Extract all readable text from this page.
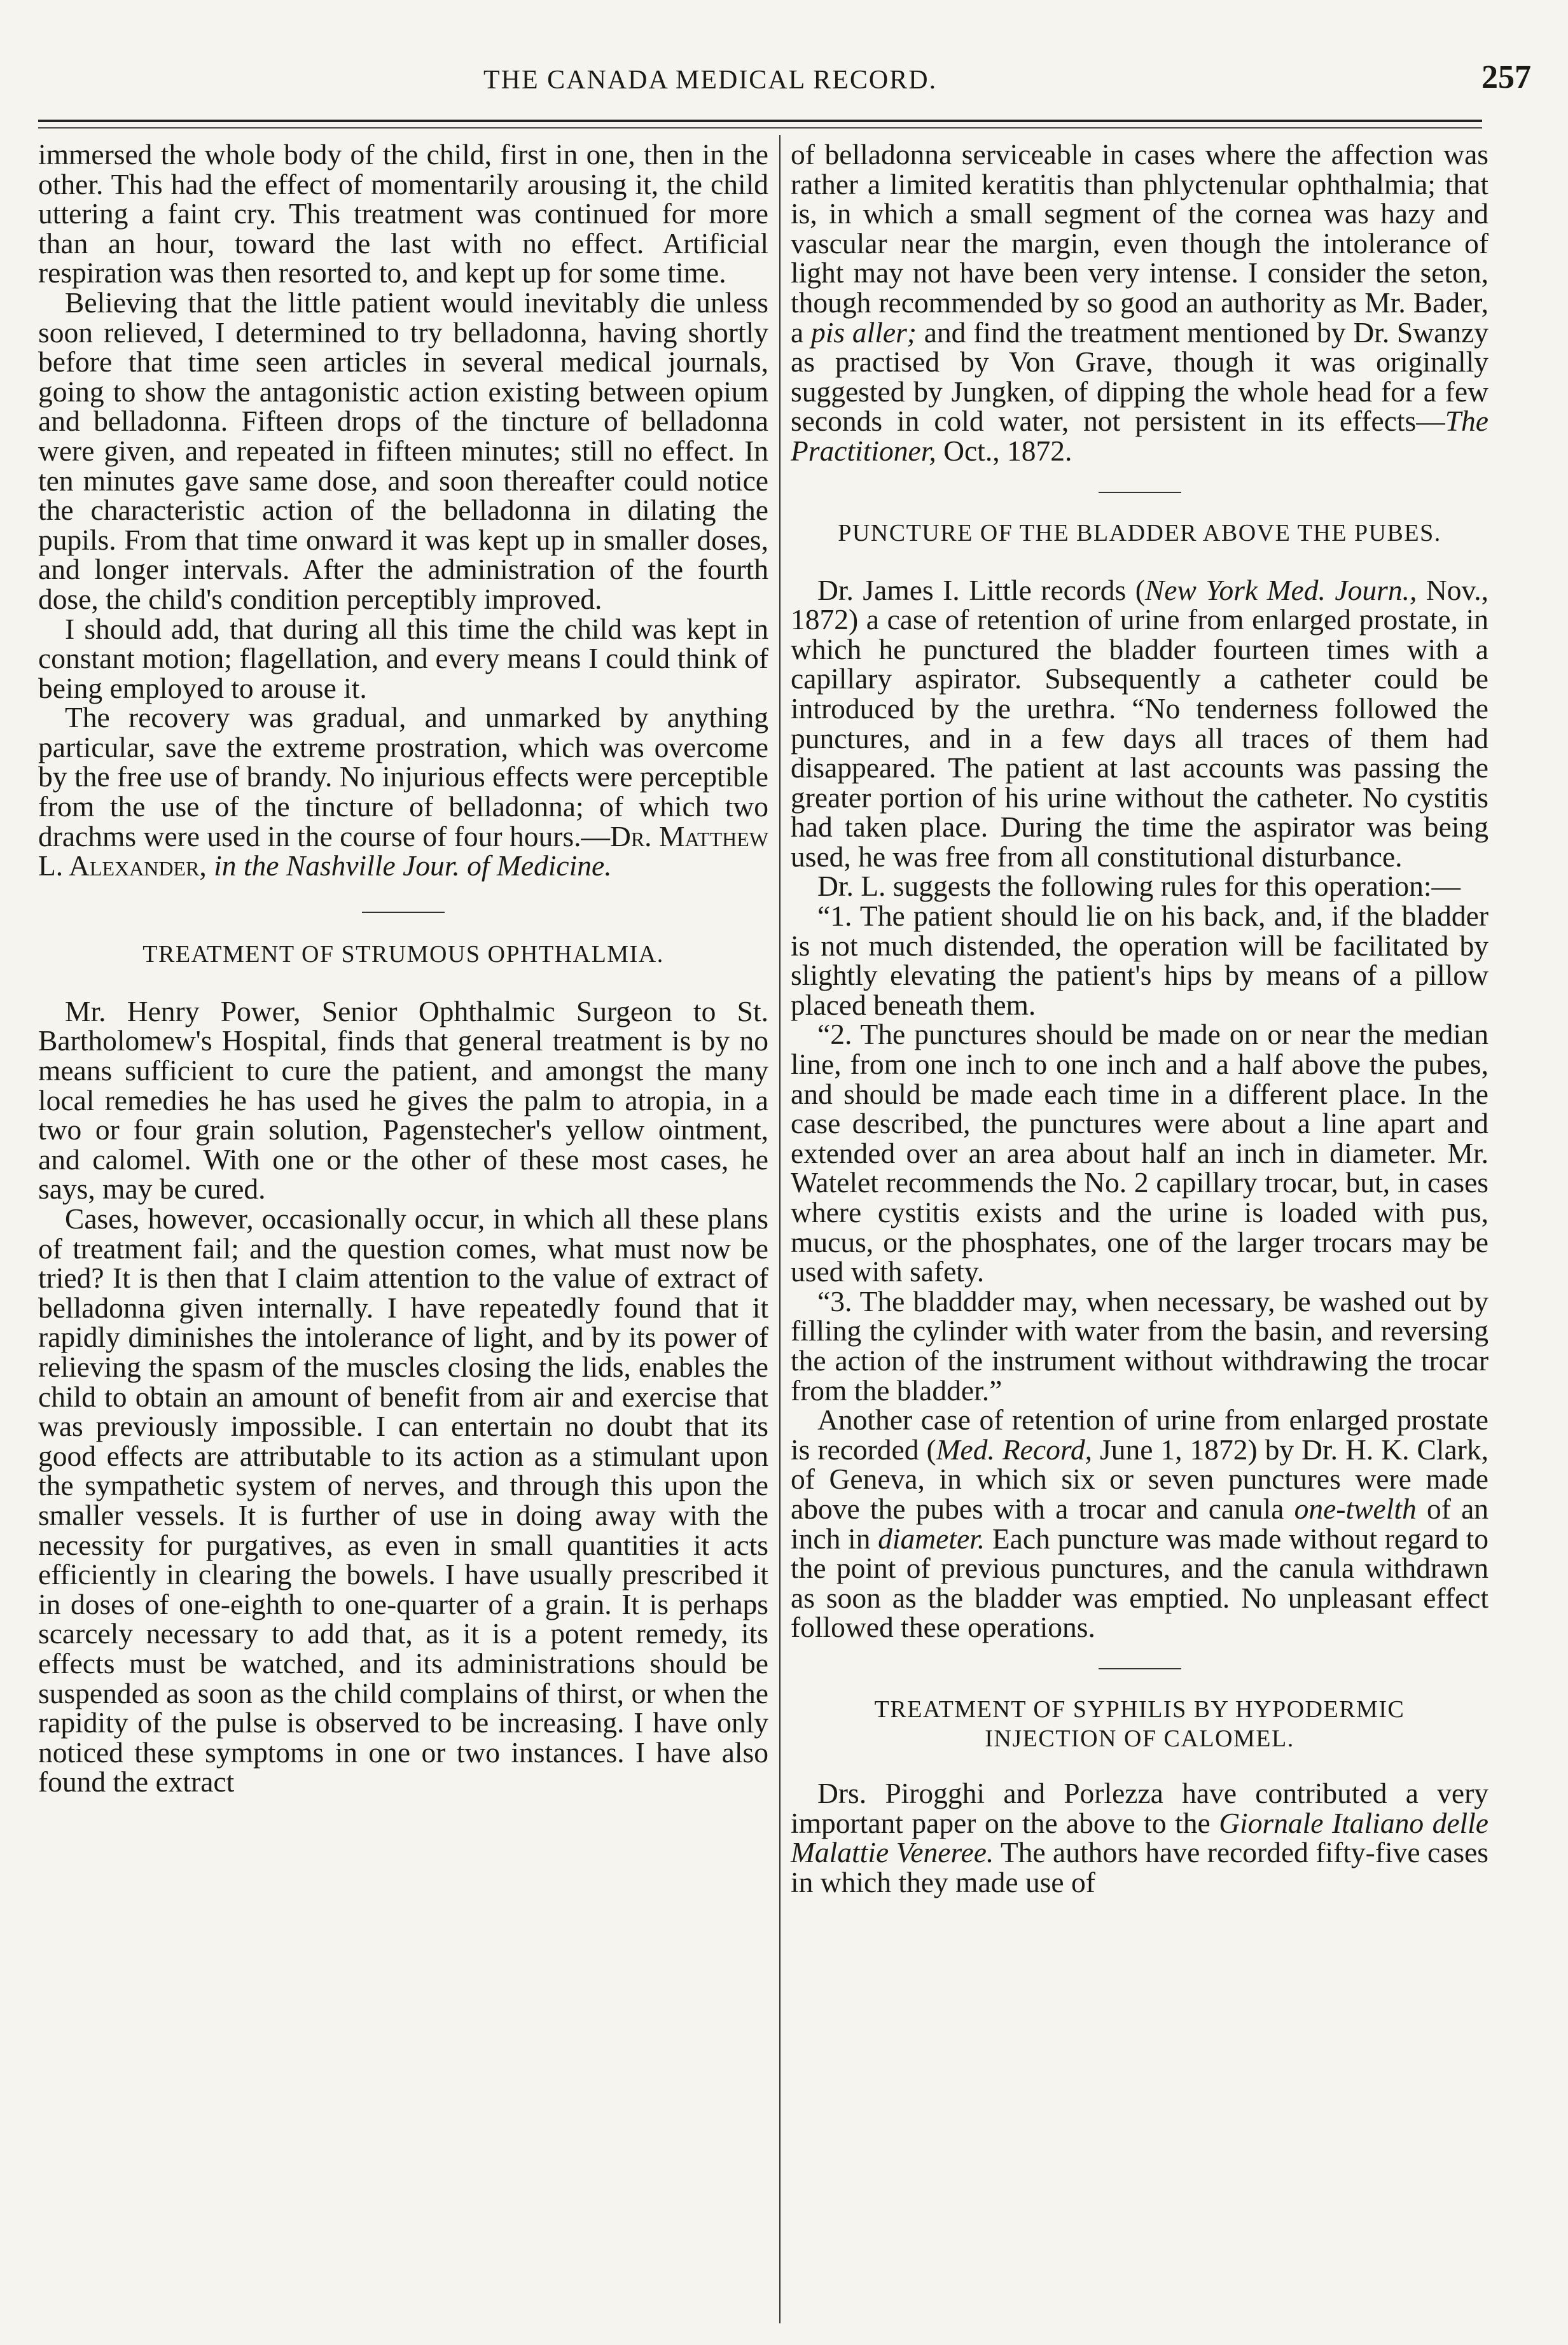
THE CANADA MEDICAL RECORD.	257

immersed the whole body of the child, first in one, then in the other. This had the effect of momentarily arousing it, the child uttering a faint cry. This treatment was continued for more than an hour, toward the last with no effect. Artificial respiration was then resorted to, and kept up for some time.

Believing that the little patient would inevitably die unless soon relieved, I determined to try belladonna, having shortly before that time seen articles in several medical journals, going to show the antagonistic action existing between opium and belladonna. Fifteen drops of the tincture of belladonna were given, and repeated in fifteen minutes; still no effect. In ten minutes gave same dose, and soon thereafter could notice the characteristic action of the belladonna in dilating the pupils. From that time onward it was kept up in smaller doses, and longer intervals. After the administration of the fourth dose, the child's condition perceptibly improved.

I should add, that during all this time the child was kept in constant motion; flagellation, and every means I could think of being employed to arouse it.

The recovery was gradual, and unmarked by anything particular, save the extreme prostration, which was overcome by the free use of brandy. No injurious effects were perceptible from the use of the tincture of belladonna; of which two drachms were used in the course of four hours.—Dr. Matthew L. Alexander, in the Nashville Jour. of Medicine.

TREATMENT OF STRUMOUS OPHTHALMIA.

Mr. Henry Power, Senior Ophthalmic Surgeon to St. Bartholomew's Hospital, finds that general treatment is by no means sufficient to cure the patient, and amongst the many local remedies he has used he gives the palm to atropia, in a two or four grain solution, Pagenstecher's yellow ointment, and calomel. With one or the other of these most cases, he says, may be cured.

Cases, however, occasionally occur, in which all these plans of treatment fail; and the question comes, what must now be tried? It is then that I claim attention to the value of extract of belladonna given internally. I have repeatedly found that it rapidly diminishes the intolerance of light, and by its power of relieving the spasm of the muscles closing the lids, enables the child to obtain an amount of benefit from air and exercise that was previously impossible. I can entertain no doubt that its good effects are attributable to its action as a stimulant upon the sympathetic system of nerves, and through this upon the smaller vessels. It is further of use in doing away with the necessity for purgatives, as even in small quantities it acts efficiently in clearing the bowels. I have usually prescribed it in doses of one-eighth to one-quarter of a grain. It is perhaps scarcely necessary to add that, as it is a potent remedy, its effects must be watched, and its administrations should be suspended as soon as the child complains of thirst, or when the rapidity of the pulse is observed to be increasing. I have only noticed these symptoms in one or two instances. I have also found the extract

of belladonna serviceable in cases where the affection was rather a limited keratitis than phlyctenular ophthalmia; that is, in which a small segment of the cornea was hazy and vascular near the margin, even though the intolerance of light may not have been very intense. I consider the seton, though recommended by so good an authority as Mr. Bader, a pis aller; and find the treatment mentioned by Dr. Swanzy as practised by Von Grave, though it was originally suggested by Jungken, of dipping the whole head for a few seconds in cold water, not persistent in its effects—The Practitioner, Oct., 1872.

PUNCTURE OF THE BLADDER ABOVE THE PUBES.

Dr. James I. Little records (New York Med. Journ., Nov., 1872) a case of retention of urine from enlarged prostate, in which he punctured the bladder fourteen times with a capillary aspirator. Subsequently a catheter could be introduced by the urethra. “No tenderness followed the punctures, and in a few days all traces of them had disappeared. The patient at last accounts was passing the greater portion of his urine without the catheter. No cystitis had taken place. During the time the aspirator was being used, he was free from all constitutional disturbance.

Dr. L. suggests the following rules for this operation:—

“1. The patient should lie on his back, and, if the bladder is not much distended, the operation will be facilitated by slightly elevating the patient's hips by means of a pillow placed beneath them.

“2. The punctures should be made on or near the median line, from one inch to one inch and a half above the pubes, and should be made each time in a different place. In the case described, the punctures were about a line apart and extended over an area about half an inch in diameter. Mr. Watelet recommends the No. 2 capillary trocar, but, in cases where cystitis exists and the urine is loaded with pus, mucus, or the phosphates, one of the larger trocars may be used with safety.

“3. The bladdder may, when necessary, be washed out by filling the cylinder with water from the basin, and reversing the action of the instrument without withdrawing the trocar from the bladder.”

Another case of retention of urine from enlarged prostate is recorded (Med. Record, June 1, 1872) by Dr. H. K. Clark, of Geneva, in which six or seven punctures were made above the pubes with a trocar and canula one-twelth of an inch in diameter. Each puncture was made without regard to the point of previous punctures, and the canula withdrawn as soon as the bladder was emptied. No unpleasant effect followed these operations.

TREATMENT OF SYPHILIS BY HYPODERMIC

INJECTION OF CALOMEL.

Drs. Pirogghi and Porlezza have contributed a very important paper on the above to the Giornale Italiano delle Malattie Veneree. The authors have recorded fifty-five cases in which they made use of
